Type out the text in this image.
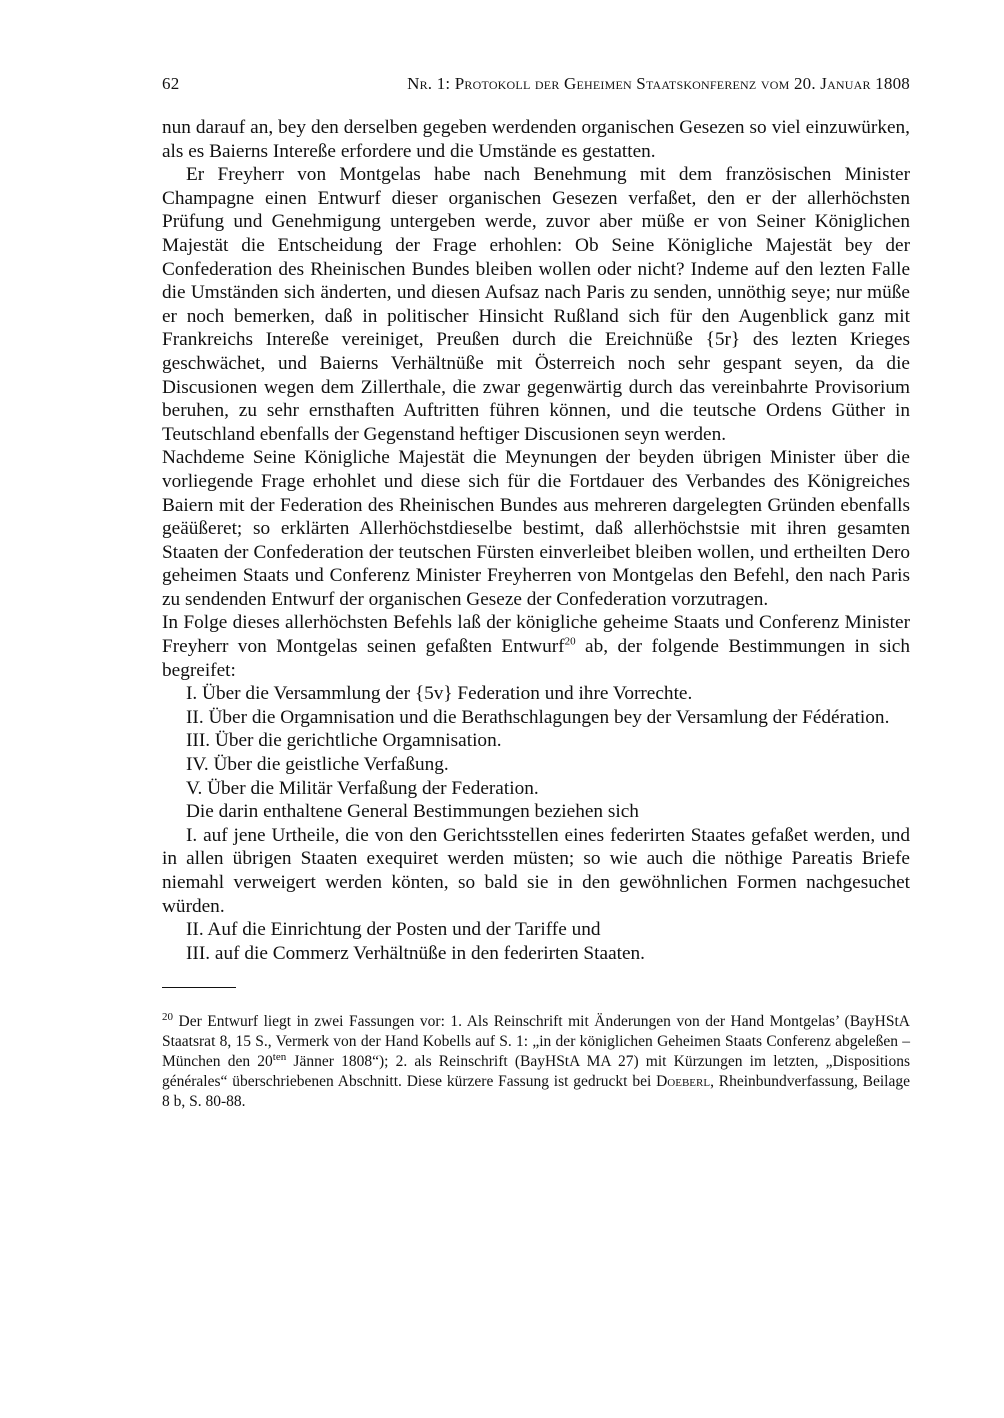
62	Nr. 1: Protokoll der Geheimen Staatskonferenz vom 20. Januar 1808

nun darauf an, bey den derselben gegeben werdenden organischen Gesezen so viel einzuwürken, als es Baierns Intereße erfordere und die Umstände es gestatten.

Er Freyherr von Montgelas habe nach Benehmung mit dem französischen Minister Champagne einen Entwurf dieser organischen Gesezen verfaßet, den er der allerhöchsten Prüfung und Genehmigung untergeben werde, zuvor aber müße er von Seiner Königlichen Majestät die Entscheidung der Frage erhohlen: Ob Seine Königliche Majestät bey der Confederation des Rheinischen Bundes bleiben wollen oder nicht? Indeme auf den lezten Falle die Umständen sich änderten, und diesen Aufsaz nach Paris zu senden, unnöthig seye; nur müße er noch bemerken, daß in politischer Hinsicht Rußland sich für den Augenblick ganz mit Frankreichs Intereße vereiniget, Preußen durch die Ereichnüße {5r} des lezten Krieges geschwächet, und Baierns Verhältnüße mit Österreich noch sehr gespant seyen, da die Discusionen wegen dem Zillerthale, die zwar gegenwärtig durch das vereinbahrte Provisorium beruhen, zu sehr ernsthaften Auftritten führen können, und die teutsche Ordens Güther in Teutschland ebenfalls der Gegenstand heftiger Discusionen seyn werden.

Nachdeme Seine Königliche Majestät die Meynungen der beyden übrigen Minister über die vorliegende Frage erhohlet und diese sich für die Fortdauer des Verbandes des Königreiches Baiern mit der Federation des Rheinischen Bundes aus mehreren dargelegten Gründen ebenfalls geäüßeret; so erklärten Allerhöchstdieselbe bestimt, daß allerhöchstsie mit ihren gesamten Staaten der Confederation der teutschen Fürsten einverleibet bleiben wollen, und ertheilten Dero geheimen Staats und Conferenz Minister Freyherren von Montgelas den Befehl, den nach Paris zu sendenden Entwurf der organischen Geseze der Confederation vorzutragen.

In Folge dieses allerhöchsten Befehls laß der königliche geheime Staats und Conferenz Minister Freyherr von Montgelas seinen gefaßten Entwurf$^{20}$ ab, der folgende Bestimmungen in sich begreifet:

I. Über die Versammlung der {5v} Federation und ihre Vorrechte.

II. Über die Orgamnisation und die Berathschlagungen bey der Versamlung der Fédération.

III. Über die gerichtliche Orgamnisation.

IV. Über die geistliche Verfaßung.

V. Über die Militär Verfaßung der Federation.

Die darin enthaltene General Bestimmungen beziehen sich

I. auf jene Urtheile, die von den Gerichtsstellen eines federirten Staates gefaßet werden, und in allen übrigen Staaten exequiret werden müsten; so wie auch die nöthige Pareatis Briefe niemahl verweigert werden könten, so bald sie in den gewöhnlichen Formen nachgesuchet würden.

II. Auf die Einrichtung der Posten und der Tariffe und

III. auf die Commerz Verhältnüße in den federirten Staaten.

$^{20}$ Der Entwurf liegt in zwei Fassungen vor: 1. Als Reinschrift mit Änderungen von der Hand Montgelas’ (BayHStA Staatsrat 8, 15 S., Vermerk von der Hand Kobells auf S. 1: „in der königlichen Geheimen Staats Conferenz abgeleßen – München den $20^{ten}$ Jänner 1808“); 2. als Reinschrift (BayHStA MA 27) mit Kürzungen im letzten, „Dispositions générales“ überschriebenen Abschnitt. Diese kürzere Fassung ist gedruckt bei Doeberl, Rheinbundverfassung, Beilage 8 b, S. 80-88.
